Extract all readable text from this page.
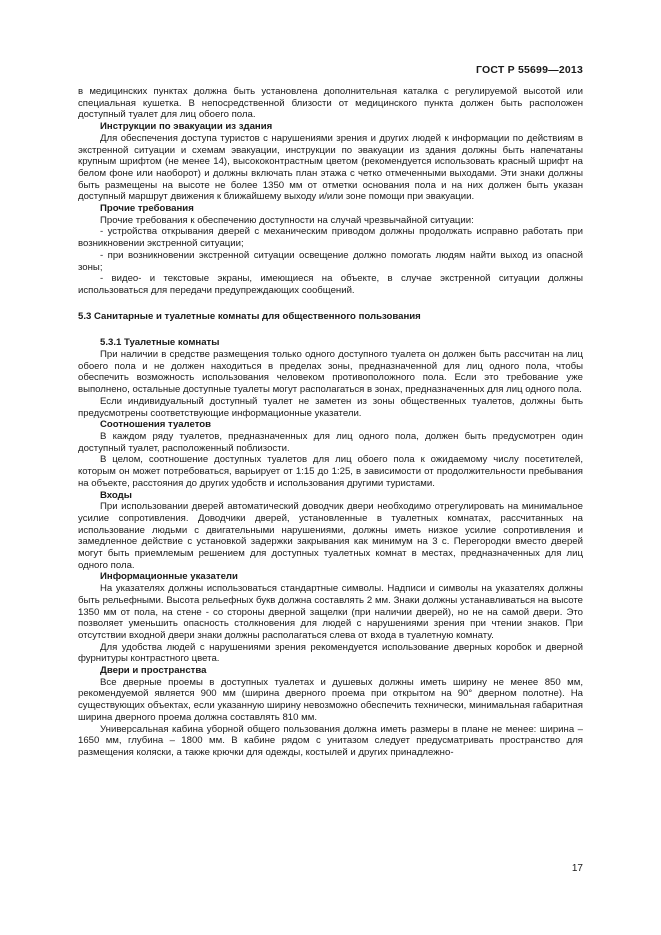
ГОСТ Р 55699—2013

в медицинских пунктах должна быть установлена дополнительная каталка с регулируемой высотой или специальная кушетка. В непосредственной близости от медицинского пункта должен быть расположен доступный туалет для лиц обоего пола.

Инструкции по эвакуации из здания

Для обеспечения доступа туристов с нарушениями зрения и других людей к информации по действиям в экстренной ситуации и схемам эвакуации, инструкции по эвакуации из здания должны быть напечатаны крупным шрифтом (не менее 14), высококонтрастным цветом (рекомендуется использовать красный шрифт на белом фоне или наоборот) и должны включать план этажа с четко отмеченными выходами. Эти знаки должны быть размещены на высоте не более 1350 мм от отметки основания пола и на них должен быть указан доступный маршрут движения к ближайшему выходу и/или зоне помощи при эвакуации.

Прочие требования

Прочие требования к обеспечению доступности на случай чрезвычайной ситуации:

- устройства открывания дверей с механическим приводом должны продолжать исправно работать при возникновении экстренной ситуации;

- при возникновении экстренной ситуации освещение должно помогать людям найти выход из опасной зоны;

- видео- и текстовые экраны, имеющиеся на объекте, в случае экстренной ситуации должны использоваться для передачи предупреждающих сообщений.

5.3 Санитарные и туалетные комнаты для общественного пользования
5.3.1 Туалетные комнаты

При наличии в средстве размещения только одного доступного туалета он должен быть рассчитан на лиц обоего пола и не должен находиться в пределах зоны, предназначенной для лиц одного пола, чтобы обеспечить возможность использования человеком противоположного пола. Если это требование уже выполнено, остальные доступные туалеты могут располагаться в зонах, предназначенных для лиц одного пола.

Если индивидуальный доступный туалет не заметен из зоны общественных туалетов, должны быть предусмотрены соответствующие информационные указатели.

Соотношения туалетов

В каждом ряду туалетов, предназначенных для лиц одного пола, должен быть предусмотрен один доступный туалет, расположенный поблизости.

В целом, соотношение доступных туалетов для лиц обоего пола к ожидаемому числу посетителей, которым он может потребоваться, варьирует от 1:15 до 1:25, в зависимости от продолжительности пребывания на объекте, расстояния до других удобств и использования другими туристами.

Входы

При использовании дверей автоматический доводчик двери необходимо отрегулировать на минимальное усилие сопротивления. Доводчики дверей, установленные в туалетных комнатах, рассчитанных на использование людьми с двигательными нарушениями, должны иметь низкое усилие сопротивления и замедленное действие с установкой задержки закрывания как минимум на 3 с. Перегородки вместо дверей могут быть приемлемым решением для доступных туалетных комнат в местах, предназначенных для лиц одного пола.

Информационные указатели

На указателях должны использоваться стандартные символы. Надписи и символы на указателях должны быть рельефными. Высота рельефных букв должна составлять 2 мм. Знаки должны устанавливаться на высоте 1350 мм от пола, на стене - со стороны дверной защелки (при наличии дверей), но не на самой двери. Это позволяет уменьшить опасность столкновения для людей с нарушениями зрения при чтении знаков. При отсутствии входной двери знаки должны располагаться слева от входа в туалетную комнату.

Для удобства людей с нарушениями зрения рекомендуется использование дверных коробок и дверной фурнитуры контрастного цвета.

Двери и пространства

Все дверные проемы в доступных туалетах и душевых должны иметь ширину не менее 850 мм, рекомендуемой является 900 мм (ширина дверного проема при открытом на 90° дверном полотне). На существующих объектах, если указанную ширину невозможно обеспечить технически, минимальная габаритная ширина дверного проема должна составлять 810 мм.

Универсальная кабина уборной общего пользования должна иметь размеры в плане не менее: ширина – 1650 мм, глубина – 1800 мм. В кабине рядом с унитазом следует предусматривать пространство для размещения коляски, а также крючки для одежды, костылей и других принадлежно-

17
